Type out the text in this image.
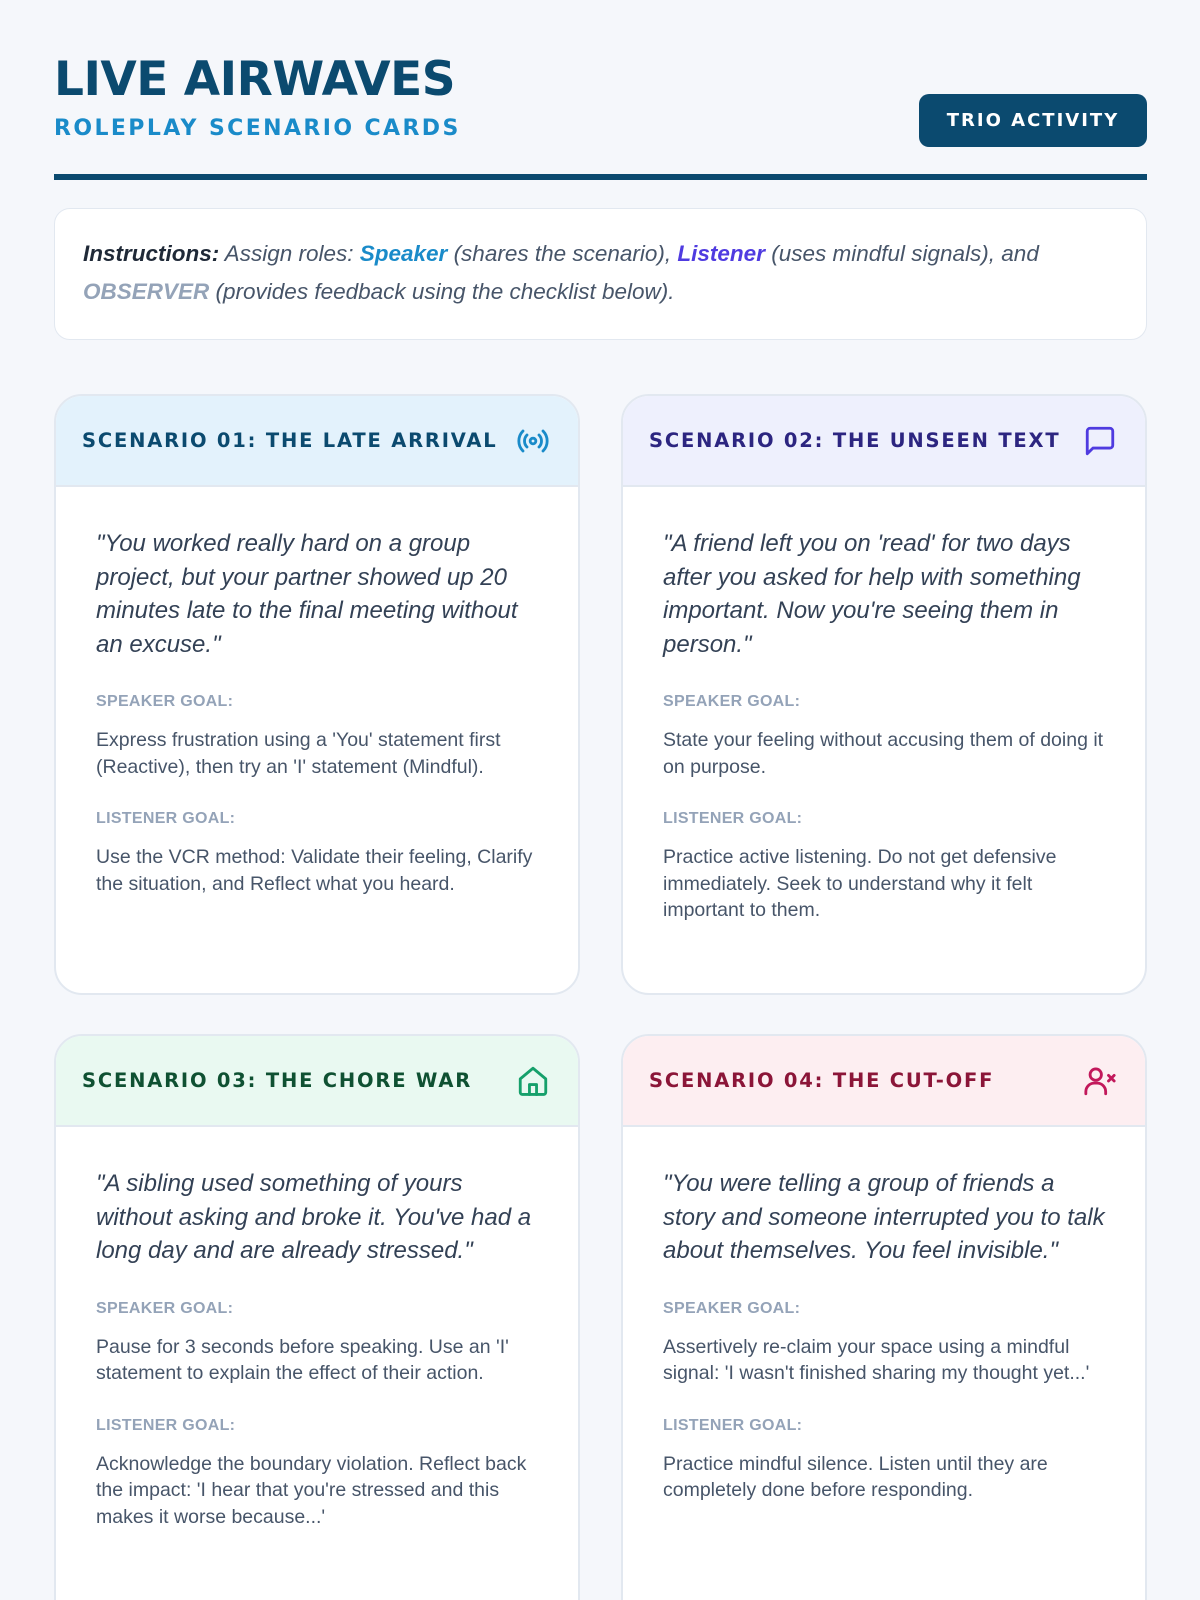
LIVE AIRWAVES
ROLEPLAY SCENARIO CARDS	TRIO ACTIVITY
Instructions: Assign roles: Speaker (shares the scenario), Listener (uses mindful signals), and OBSERVER (provides feedback using the checklist below).
SCENARIO 01: THE LATE ARRIVAL

"You worked really hard on a group project, but your partner showed up 20 minutes late to the final meeting without an excuse."

SPEAKER GOAL:

Express frustration using a 'You' statement first (Reactive), then try an 'I' statement (Mindful).

LISTENER GOAL:

Use the VCR method: Validate their feeling, Clarify the situation, and Reflect what you heard.

SCENARIO 02: THE UNSEEN TEXT

"A friend left you on 'read' for two days after you asked for help with something important. Now you're seeing them in person."

SPEAKER GOAL:

State your feeling without accusing them of doing it on purpose.

LISTENER GOAL:

Practice active listening. Do not get defensive immediately. Seek to understand why it felt important to them.

SCENARIO 03: THE CHORE WAR

"A sibling used something of yours without asking and broke it. You've had a long day and are already stressed."

SPEAKER GOAL:

Pause for 3 seconds before speaking. Use an 'I' statement to explain the effect of their action.

LISTENER GOAL:

Acknowledge the boundary violation. Reflect back the impact: 'I hear that you're stressed and this makes it worse because...'

SCENARIO 04: THE CUT-OFF

"You were telling a group of friends a story and someone interrupted you to talk about themselves. You feel invisible."

SPEAKER GOAL:

Assertively re-claim your space using a mindful signal: 'I wasn't finished sharing my thought yet...'

LISTENER GOAL:

Practice mindful silence. Listen until they are completely done before responding.
